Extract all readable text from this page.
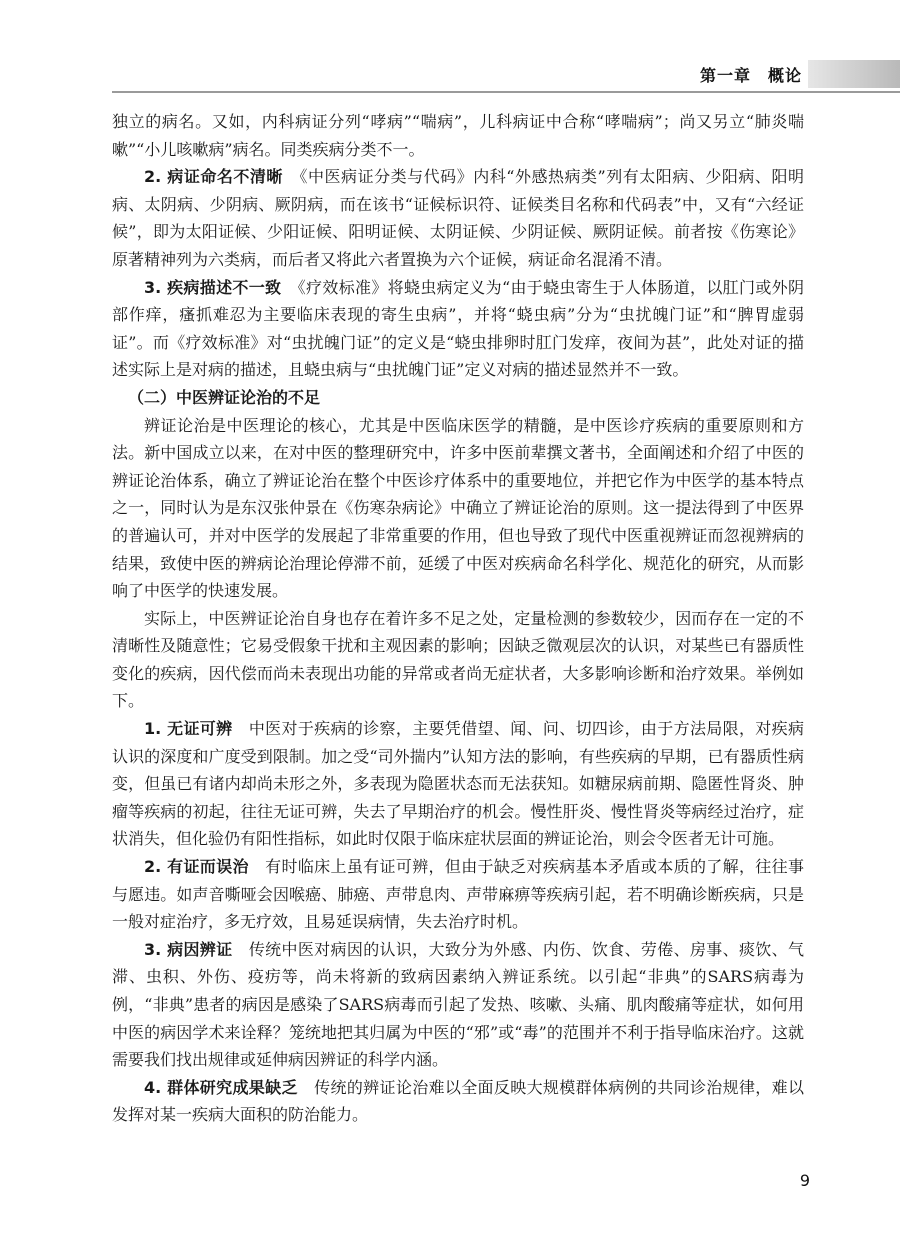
第一章　概论

独立的病名。又如，内科病证分列“哮病”“喘病”，儿科病证中合称“哮喘病”；尚又另立“肺炎喘嗽”“小儿咳嗽病”病名。同类疾病分类不一。

2. 病证命名不清晰　 《中医病证分类与代码》内科“外感热病类”列有太阳病、少阳病、阳明病、太阴病、少阴病、厥阴病，而在该书“证候标识符、证候类目名称和代码表”中，又有“六经证候”，即为太阳证候、少阳证候、阳明证候、太阴证候、少阴证候、厥阴证候。前者按《伤寒论》原著精神列为六类病，而后者又将此六者置换为六个证候，病证命名混淆不清。

3. 疾病描述不一致　 《疗效标准》将蛲虫病定义为“由于蛲虫寄生于人体肠道，以肛门或外阴部作痒，瘙抓难忍为主要临床表现的寄生虫病”，并将“蛲虫病”分为“虫扰魄门证”和“脾胃虚弱证”。而《疗效标准》对“虫扰魄门证”的定义是“蛲虫排卵时肛门发痒，夜间为甚”，此处对证的描述实际上是对病的描述，且蛲虫病与“虫扰魄门证”定义对病的描述显然并不一致。

（二）中医辨证论治的不足

辨证论治是中医理论的核心，尤其是中医临床医学的精髓，是中医诊疗疾病的重要原则和方法。新中国成立以来，在对中医的整理研究中，许多中医前辈撰文著书，全面阐述和介绍了中医的辨证论治体系，确立了辨证论治在整个中医诊疗体系中的重要地位，并把它作为中医学的基本特点之一，同时认为是东汉张仲景在《伤寒杂病论》中确立了辨证论治的原则。这一提法得到了中医界的普遍认可，并对中医学的发展起了非常重要的作用，但也导致了现代中医重视辨证而忽视辨病的结果，致使中医的辨病论治理论停滞不前，延缓了中医对疾病命名科学化、规范化的研究，从而影响了中医学的快速发展。

实际上，中医辨证论治自身也存在着许多不足之处，定量检测的参数较少，因而存在一定的不清晰性及随意性；它易受假象干扰和主观因素的影响；因缺乏微观层次的认识，对某些已有器质性变化的疾病，因代偿而尚未表现出功能的异常或者尚无症状者，大多影响诊断和治疗效果。举例如下。

1. 无证可辨　 中医对于疾病的诊察，主要凭借望、闻、问、切四诊，由于方法局限，对疾病认识的深度和广度受到限制。加之受“司外揣内”认知方法的影响，有些疾病的早期，已有器质性病变，但虽已有诸内却尚未形之外，多表现为隐匿状态而无法获知。如糖尿病前期、隐匿性肾炎、肿瘤等疾病的初起，往往无证可辨，失去了早期治疗的机会。慢性肝炎、慢性肾炎等病经过治疗，症状消失，但化验仍有阳性指标，如此时仅限于临床症状层面的辨证论治，则会令医者无计可施。

2. 有证而误治　 有时临床上虽有证可辨，但由于缺乏对疾病基本矛盾或本质的了解，往往事与愿违。如声音嘶哑会因喉癌、肺癌、声带息肉、声带麻痹等疾病引起，若不明确诊断疾病，只是一般对症治疗，多无疗效，且易延误病情，失去治疗时机。

3. 病因辨证　 传统中医对病因的认识，大致分为外感、内伤、饮食、劳倦、房事、痰饮、气滞、虫积、外伤、疫疠等，尚未将新的致病因素纳入辨证系统。以引起“非典”的SARS病毒为例，“非典”患者的病因是感染了SARS病毒而引起了发热、咳嗽、头痛、肌肉酸痛等症状，如何用中医的病因学术来诠释？笼统地把其归属为中医的“邪”或“毒”的范围并不利于指导临床治疗。这就需要我们找出规律或延伸病因辨证的科学内涵。

4. 群体研究成果缺乏　 传统的辨证论治难以全面反映大规模群体病例的共同诊治规律，难以发挥对某一疾病大面积的防治能力。

9
